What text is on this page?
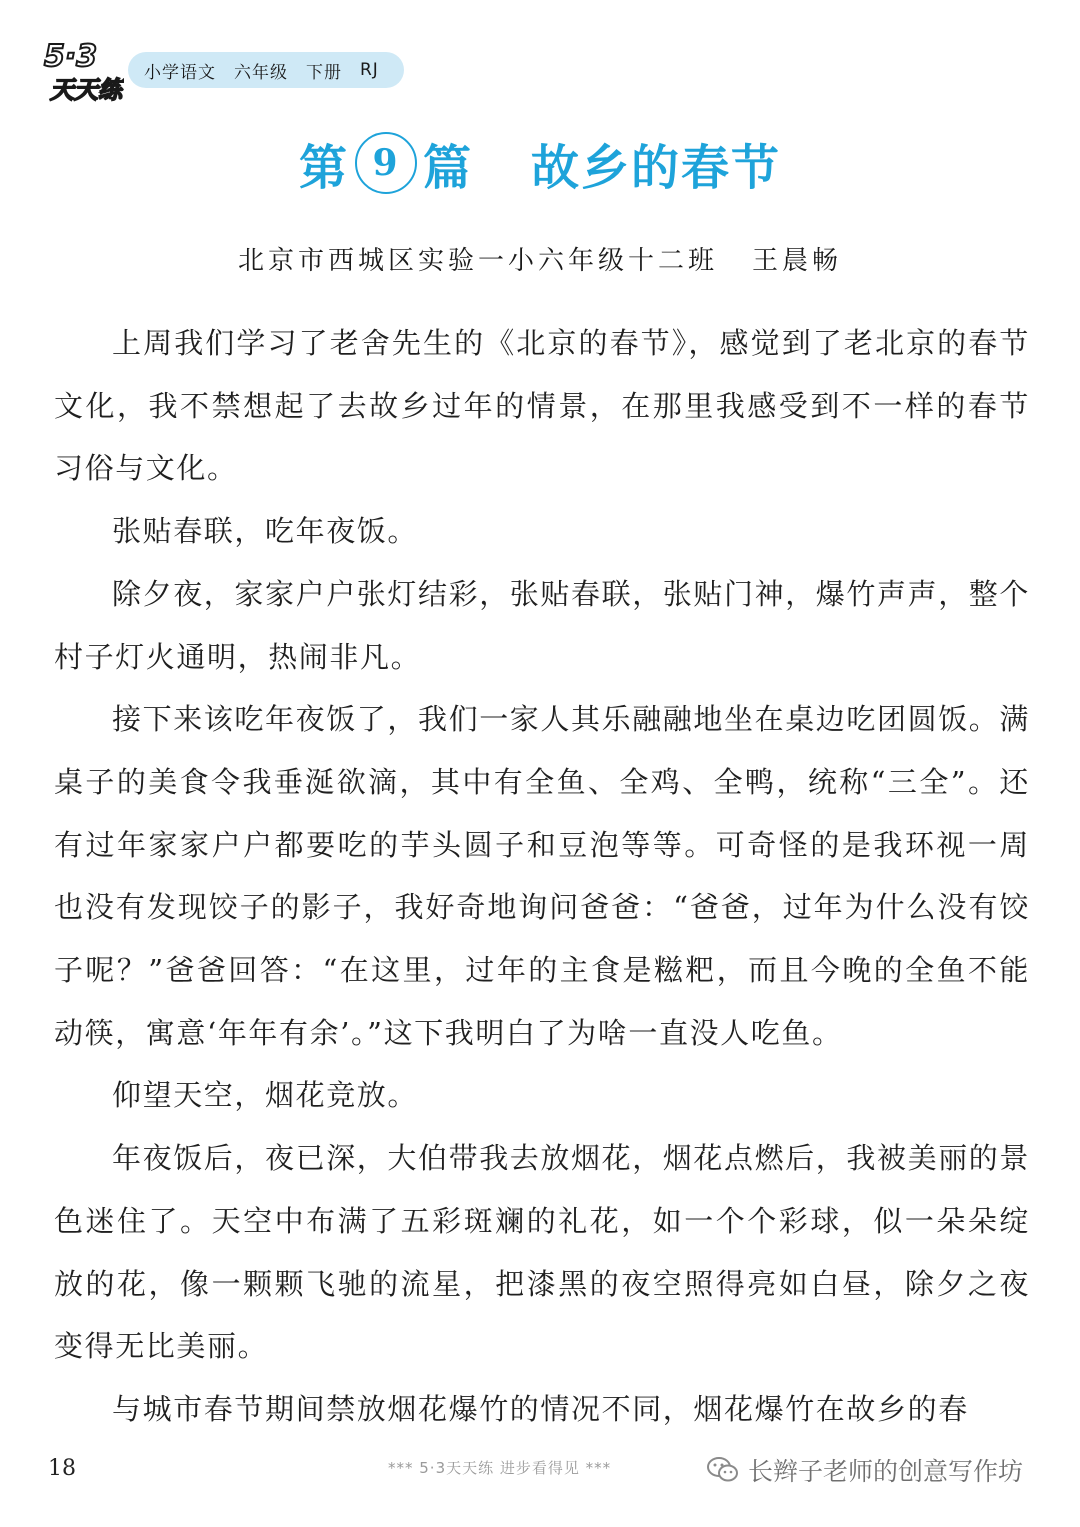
5·3
天天练
小学语文 六年级 下册 RJ
第 9 篇 故乡的春节
北京市西城区实验一小六年级十二班 王晨畅

上周我们学习了老舍先生的《北京的春节》，感觉到了老北京的春节文化，我不禁想起了去故乡过年的情景，在那里我感受到不一样的春节习俗与文化。

张贴春联，吃年夜饭。

除夕夜，家家户户张灯结彩，张贴春联，张贴门神，爆竹声声，整个村子灯火通明，热闹非凡。

接下来该吃年夜饭了，我们一家人其乐融融地坐在桌边吃团圆饭。满桌子的美食令我垂涎欲滴，其中有全鱼、全鸡、全鸭，统称“三全”。还有过年家家户户都要吃的芋头圆子和豆泡等等。可奇怪的是我环视一周也没有发现饺子的影子，我好奇地询问爸爸：“爸爸，过年为什么没有饺子呢？”爸爸回答：“在这里，过年的主食是糍粑，而且今晚的全鱼不能动筷，寓意‘年年有余’。”这下我明白了为啥一直没人吃鱼。

仰望天空，烟花竞放。

年夜饭后，夜已深，大伯带我去放烟花，烟花点燃后，我被美丽的景色迷住了。天空中布满了五彩斑斓的礼花，如一个个彩球，似一朵朵绽放的花，像一颗颗飞驰的流星，把漆黑的夜空照得亮如白昼，除夕之夜变得无比美丽。

与城市春节期间禁放烟花爆竹的情况不同，烟花爆竹在故乡的春

18	*** 5·3天天练 进步看得见 ***	长辫子老师的创意写作坊
